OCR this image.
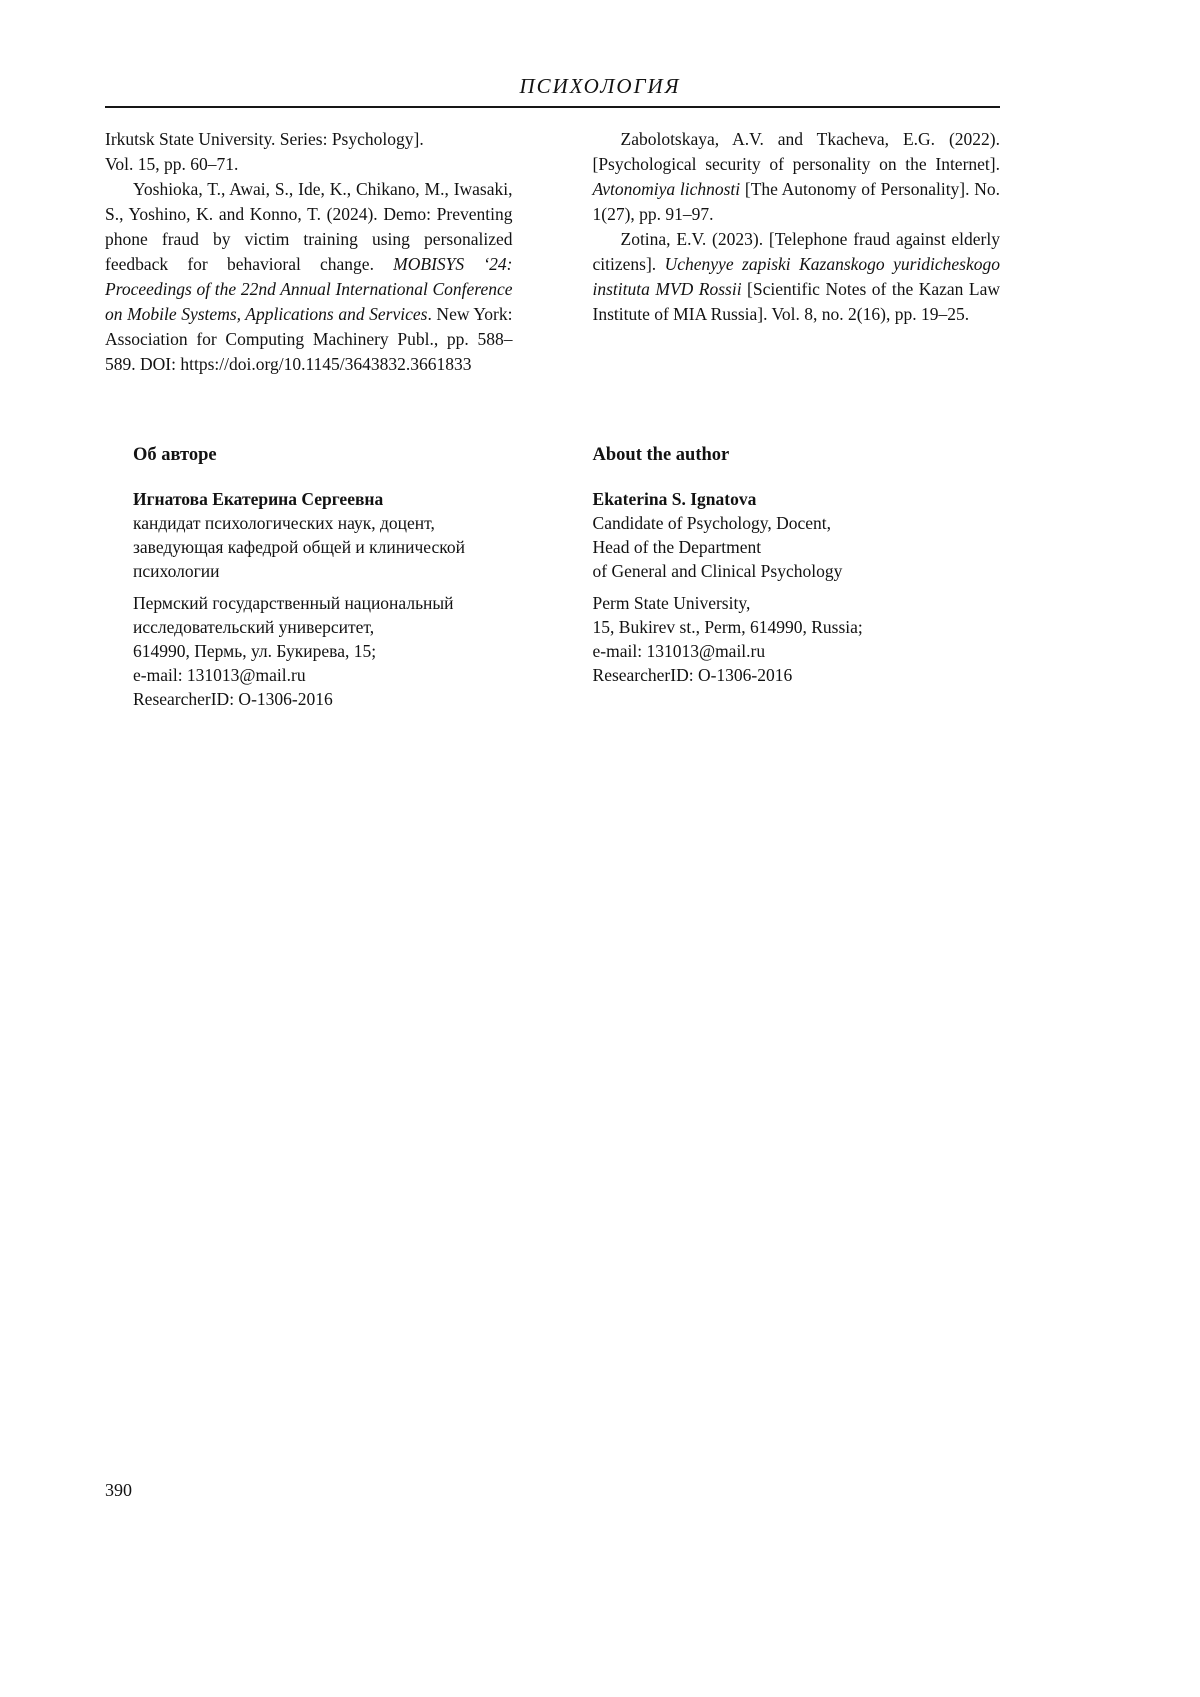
ПСИХОЛОГИЯ

Irkutsk State University. Series: Psychology].
Vol. 15, pp. 60–71.

Yoshioka, T., Awai, S., Ide, K., Chikano, M., Iwasaki, S., Yoshino, K. and Konno, T. (2024). Demo: Preventing phone fraud by victim training using personalized feedback for behavioral change. MOBISYS ‘24: Proceedings of the 22nd Annual International Conference on Mobile Systems, Applications and Services. New York: Association for Computing Machinery Publ., pp. 588–589. DOI: https://doi.org/10.1145/3643832.3661833

Zabolotskaya, A.V. and Tkacheva, E.G. (2022). [Psychological security of personality on the Internet]. Avtonomiya lichnosti [The Autonomy of Personality]. No. 1(27), pp. 91–97.

Zotina, E.V. (2023). [Telephone fraud against elderly citizens]. Uchenyye zapiski Kazanskogo yuridicheskogo instituta MVD Rossii [Scientific Notes of the Kazan Law Institute of MIA Russia]. Vol. 8, no. 2(16), pp. 19–25.

Об авторе

Игнатова Екатерина Сергеевна

кандидат психологических наук, доцент,
заведующая кафедрой общей и клинической
психологии

Пермский государственный национальный
исследовательский университет,
614990, Пермь, ул. Букирева, 15;
e-mail: 131013@mail.ru
ResearcherID: O-1306-2016

About the author

Ekaterina S. Ignatova

Candidate of Psychology, Docent,
Head of the Department
of General and Clinical Psychology

Perm State University,
15, Bukirev st., Perm, 614990, Russia;
e-mail: 131013@mail.ru
ResearcherID: O-1306-2016

390
